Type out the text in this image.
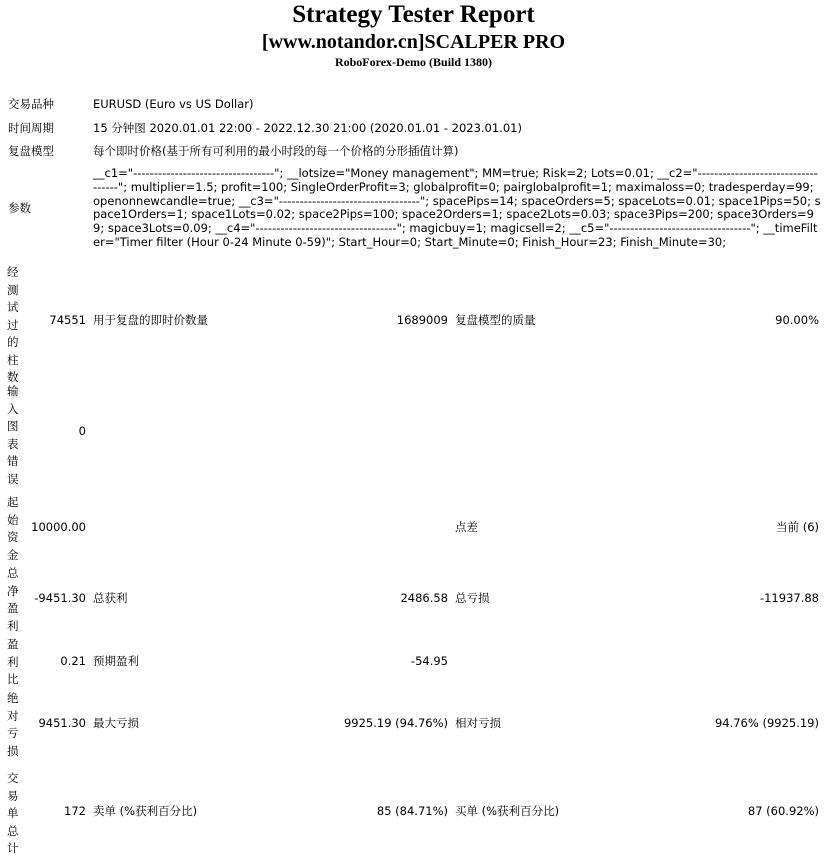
Strategy Tester Report
[www.notandor.cn]SCALPER PRO
RoboForex-Demo (Build 1380)
交易品种	EURUSD (Euro vs US Dollar)
时间周期	15 分钟图 2020.01.01 22:00 - 2022.12.30 21:00 (2020.01.01 - 2023.01.01)
复盘模型	每个即时价格(基于所有可利用的最小时段的每一个价格的分形插值计算)
参数
__c1="----------------------------------"; __lotsize="Money management"; MM=true; Risk=2; Lots=0.01; __c2="-----------------------------------"; multiplier=1.5; profit=100; SingleOrderProfit=3; globalprofit=0; pairglobalprofit=1; maximaloss=0; tradesperday=99; openonnewcandle=true; __c3="----------------------------------"; spacePips=14; spaceOrders=5; spaceLots=0.01; space1Pips=50; space1Orders=1; space1Lots=0.02; space2Pips=100; space2Orders=1; space2Lots=0.03; space3Pips=200; space3Orders=99; space3Lots=0.09; __c4="----------------------------------"; magicbuy=1; magicsell=2; __c5="----------------------------------"; __timeFilter="Timer filter (Hour 0-24 Minute 0-59)"; Start_Hour=0; Start_Minute=0; Finish_Hour=23; Finish_Minute=30;
经测试过的柱数
74551 用于复盘的即时价数量	1689009 复盘模型的质量	90.00%
输入图表错误
0
起始资金
10000.00	点差	当前 (6)
总净盈利
-9451.30 总获利	2486.58 总亏损	-11937.88
盈利比
0.21 预期盈利	-54.95
绝对亏损
9451.30 最大亏损	9925.19 (94.76%) 相对亏损	94.76% (9925.19)
交易单总计
172 卖单 (%获利百分比)	85 (84.71%) 买单 (%获利百分比)	87 (60.92%)
